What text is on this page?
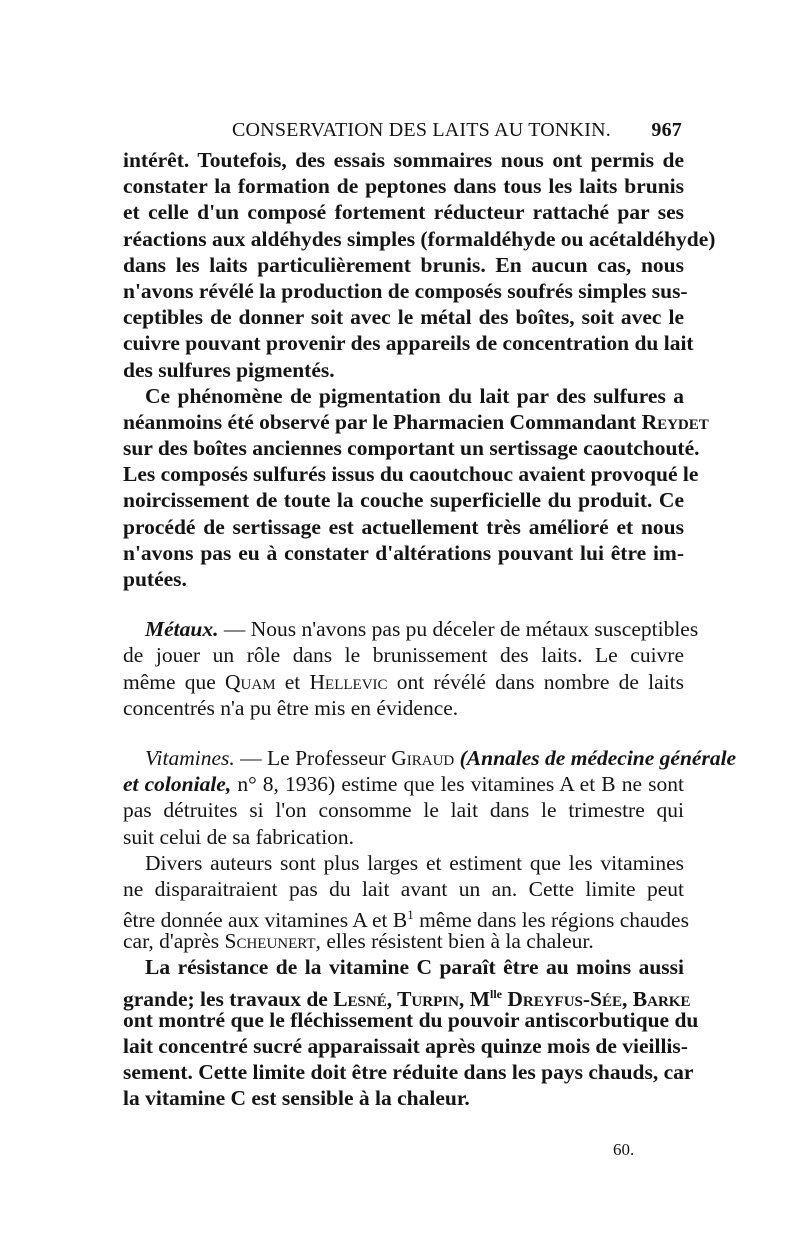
CONSERVATION DES LAITS AU TONKIN. 967
intérêt. Toutefois, des essais sommaires nous ont permis de
constater la formation de peptones dans tous les laits brunis
et celle d'un composé fortement réducteur rattaché par ses
réactions aux aldéhydes simples (formaldéhyde ou acétaldéhyde)
dans les laits particulièrement brunis. En aucun cas, nous
n'avons révélé la production de composés soufrés simples sus-
ceptibles de donner soit avec le métal des boîtes, soit avec le
cuivre pouvant provenir des appareils de concentration du lait
des sulfures pigmentés.
Ce phénomène de pigmentation du lait par des sulfures a
néanmoins été observé par le Pharmacien Commandant Reydet
sur des boîtes anciennes comportant un sertissage caoutchouté.
Les composés sulfurés issus du caoutchouc avaient provoqué le
noircissement de toute la couche superficielle du produit. Ce
procédé de sertissage est actuellement très amélioré et nous
n'avons pas eu à constater d'altérations pouvant lui être im-
putées.
Métaux. — Nous n'avons pas pu déceler de métaux susceptibles
de jouer un rôle dans le brunissement des laits. Le cuivre
même que Quam et Hellevic ont révélé dans nombre de laits
concentrés n'a pu être mis en évidence.
Vitamines. — Le Professeur Giraud (Annales de médecine générale
et coloniale, n° 8, 1936) estime que les vitamines A et B ne sont
pas détruites si l'on consomme le lait dans le trimestre qui
suit celui de sa fabrication.
Divers auteurs sont plus larges et estiment que les vitamines
ne disparaitraient pas du lait avant un an. Cette limite peut
être donnée aux vitamines A et $B^1$ même dans les régions chaudes
car, d'après Scheunert, elles résistent bien à la chaleur.
La résistance de la vitamine C paraît être au moins aussi
grande; les travaux de Lesné, Turpin, $M^{lle}$ Dreyfus-Sée, Barke
ont montré que le fléchissement du pouvoir antiscorbutique du
lait concentré sucré apparaissait après quinze mois de vieillis-
sement. Cette limite doit être réduite dans les pays chauds, car
la vitamine C est sensible à la chaleur.
60.
